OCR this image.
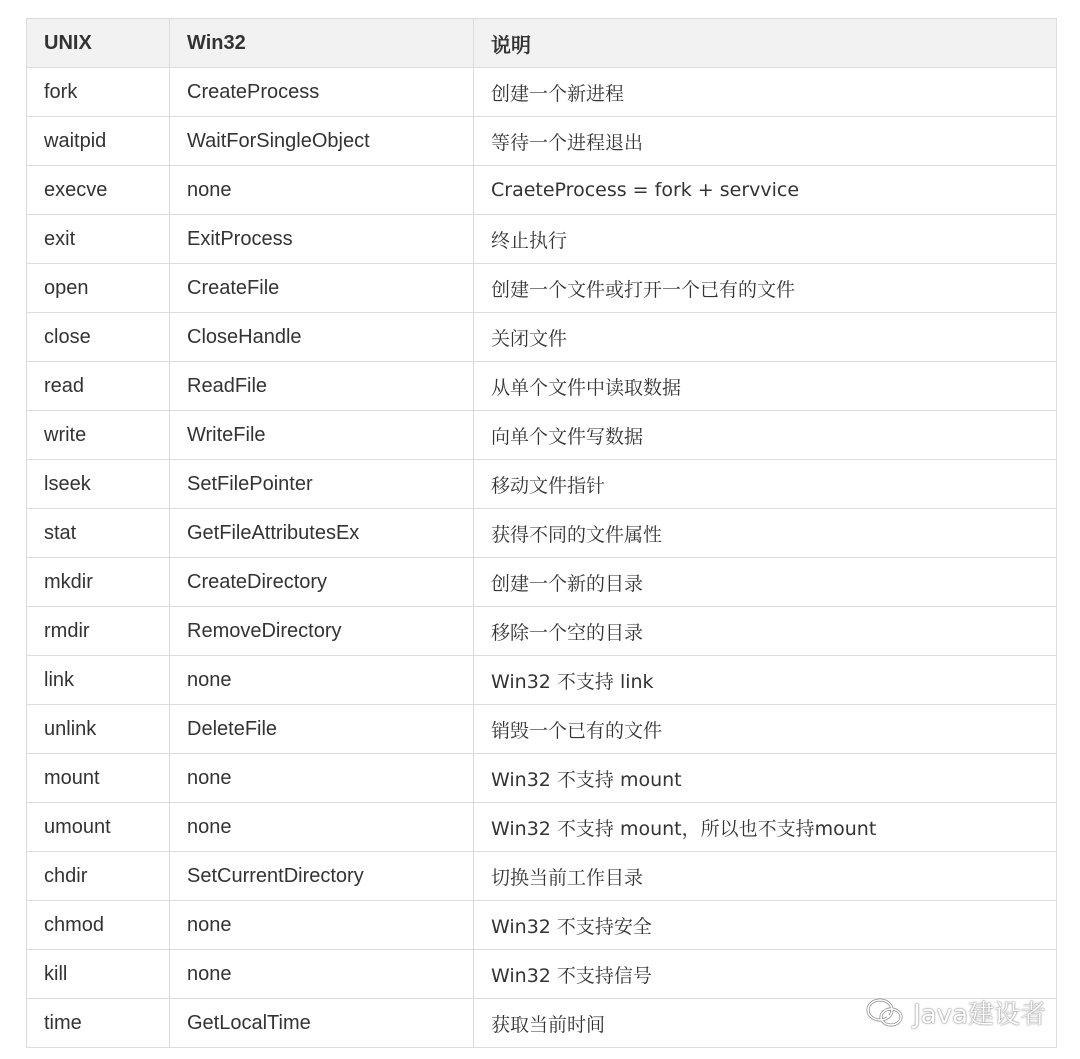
UNIX	Win32	说明
fork	CreateProcess	创建一个新进程
waitpid	WaitForSingleObject	等待一个进程退出
execve	none	CraeteProcess = fork + servvice
exit	ExitProcess	终止执行
open	CreateFile	创建一个文件或打开一个已有的文件
close	CloseHandle	关闭文件
read	ReadFile	从单个文件中读取数据
write	WriteFile	向单个文件写数据
lseek	SetFilePointer	移动文件指针
stat	GetFileAttributesEx	获得不同的文件属性
mkdir	CreateDirectory	创建一个新的目录
rmdir	RemoveDirectory	移除一个空的目录
link	none	Win32 不支持 link
unlink	DeleteFile	销毁一个已有的文件
mount	none	Win32 不支持 mount
umount	none	Win32 不支持 mount，所以也不支持mount
chdir	SetCurrentDirectory	切换当前工作目录
chmod	none	Win32 不支持安全
kill	none	Win32 不支持信号
time	GetLocalTime	获取当前时间	Java建设者
